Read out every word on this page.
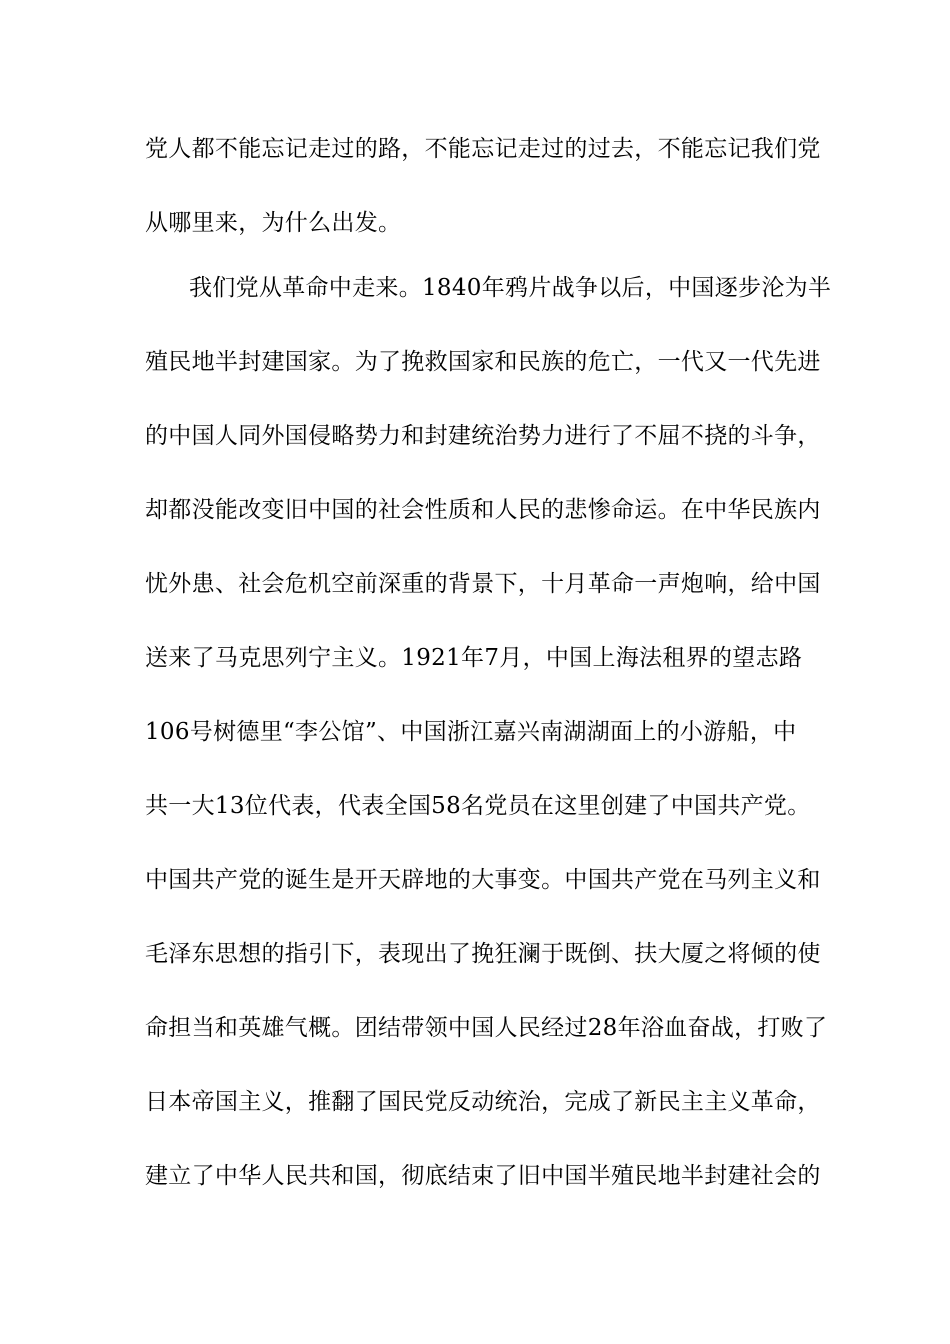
党人都不能忘记走过的路，不能忘记走过的过去，不能忘记我们党
从哪里来，为什么出发。
我们党从革命中走来。1840年鸦片战争以后，中国逐步沦为半
殖民地半封建国家。为了挽救国家和民族的危亡，一代又一代先进
的中国人同外国侵略势力和封建统治势力进行了不屈不挠的斗争，
却都没能改变旧中国的社会性质和人民的悲惨命运。在中华民族内
忧外患、社会危机空前深重的背景下，十月革命一声炮响，给中国
送来了马克思列宁主义。1921年7月，中国上海法租界的望志路
106号树德里“李公馆”、中国浙江嘉兴南湖湖面上的小游船，中
共一大13位代表，代表全国58名党员在这里创建了中国共产党。
中国共产党的诞生是开天辟地的大事变。中国共产党在马列主义和
毛泽东思想的指引下，表现出了挽狂澜于既倒、扶大厦之将倾的使
命担当和英雄气概。团结带领中国人民经过28年浴血奋战，打败了
日本帝国主义，推翻了国民党反动统治，完成了新民主主义革命，
建立了中华人民共和国，彻底结束了旧中国半殖民地半封建社会的
